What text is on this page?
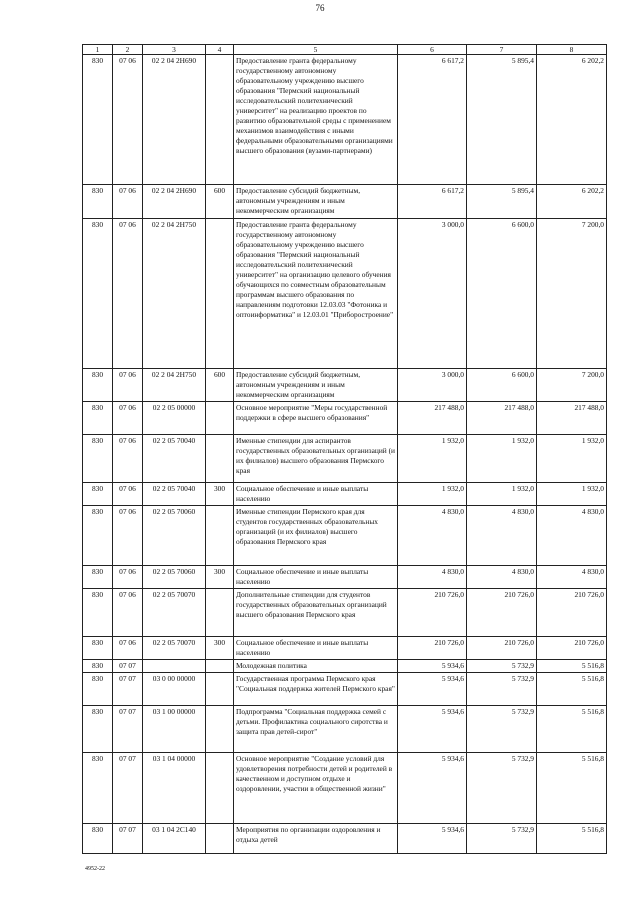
76
1	2	3	4	5	6	7	8
830	07 06	02 2 04 2Н690		Предоставление гранта федеральному государственному автономному образовательному учреждению высшего образования "Пермский национальный исследовательский политехнический университет" на реализацию проектов по развитию образовательной среды с применением механизмов взаимодействия с иными федеральными образовательными организациями высшего образования (вузами-партнерами)	6 617,2	5 895,4	6 202,2
830	07 06	02 2 04 2Н690	600	Предоставление субсидий бюджетным, автономным учреждениям и иным некоммерческим организациям	6 617,2	5 895,4	6 202,2
830	07 06	02 2 04 2Н750		Предоставление гранта федеральному государственному автономному образовательному учреждению высшего образования "Пермский национальный исследовательский политехнический университет" на организацию целевого обучения обучающихся по совместным образовательным программам высшего образования по направлениям подготовки 12.03.03 "Фотоника и оптоинформатика" и 12.03.01 "Приборостроение"	3 000,0	6 600,0	7 200,0
830	07 06	02 2 04 2Н750	600	Предоставление субсидий бюджетным, автономным учреждениям и иным некоммерческим организациям	3 000,0	6 600,0	7 200,0
830	07 06	02 2 05 00000		Основное мероприятие "Меры государственной поддержки в сфере высшего образования"	217 488,0	217 488,0	217 488,0
830	07 06	02 2 05 70040		Именные стипендии для аспирантов государственных образовательных организаций (и их филиалов) высшего образования Пермского края	1 932,0	1 932,0	1 932,0
830	07 06	02 2 05 70040	300	Социальное обеспечение и иные выплаты населению	1 932,0	1 932,0	1 932,0
830	07 06	02 2 05 70060		Именные стипендии Пермского края для студентов государственных образовательных организаций (и их филиалов) высшего образования Пермского края	4 830,0	4 830,0	4 830,0
830	07 06	02 2 05 70060	300	Социальное обеспечение и иные выплаты населению	4 830,0	4 830,0	4 830,0
830	07 06	02 2 05 70070		Дополнительные стипендии для студентов государственных образовательных организаций высшего образования Пермского края	210 726,0	210 726,0	210 726,0
830	07 06	02 2 05 70070	300	Социальное обеспечение и иные выплаты населению	210 726,0	210 726,0	210 726,0
830	07 07			Молодежная политика	5 934,6	5 732,9	5 516,8
830	07 07	03 0 00 00000		Государственная программа Пермского края "Социальная поддержка жителей Пермского края"	5 934,6	5 732,9	5 516,8
830	07 07	03 1 00 00000		Подпрограмма "Социальная поддержка семей с детьми. Профилактика социального сиротства и защита прав детей-сирот"	5 934,6	5 732,9	5 516,8
830	07 07	03 1 04 00000		Основное мероприятие "Создание условий для удовлетворения потребности детей и родителей в качественном и доступном отдыхе и оздоровлении, участии в общественной жизни"	5 934,6	5 732,9	5 516,8
830	07 07	03 1 04 2С140		Мероприятия по организации оздоровления и отдыха детей	5 934,6	5 732,9	5 516,8
4952-22
